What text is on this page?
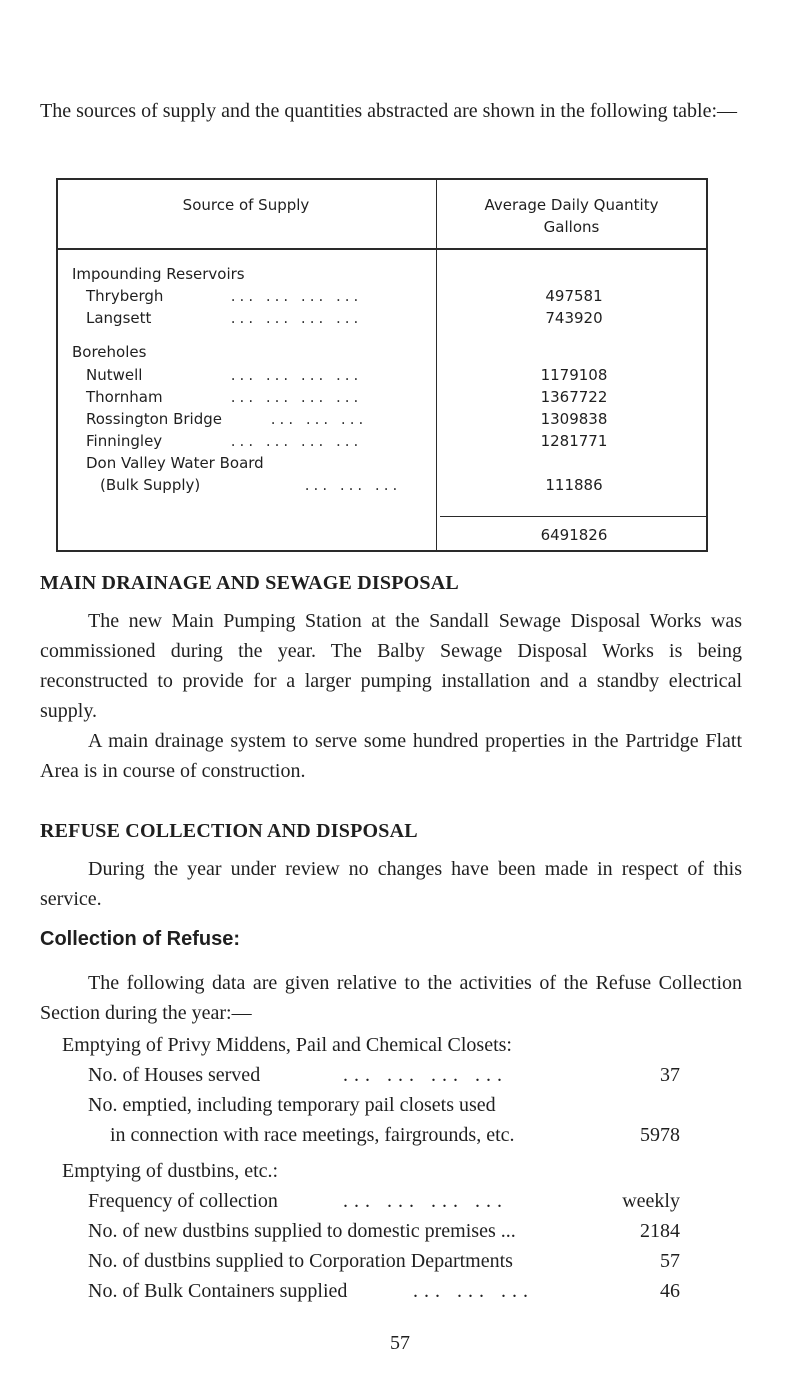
The sources of supply and the quantities abstracted are shown in the following table:—
Source of Supply	Average Daily Quantity
Gallons
Impounding Reservoirs
Thrybergh	... ... ... ...	497581
Langsett	... ... ... ...	743920
Boreholes
Nutwell	... ... ... ...	1179108
Thornham	... ... ... ...	1367722
Rossington Bridge	... ... ...	1309838
Finningley	... ... ... ...	1281771
Don Valley Water Board
(Bulk Supply)	... ... ...	111886
6491826
MAIN DRAINAGE AND SEWAGE DISPOSAL
The new Main Pumping Station at the Sandall Sewage Disposal Works was commissioned during the year. The Balby Sewage Disposal Works is being reconstructed to provide for a larger pumping installation and a standby electrical supply.
A main drainage system to serve some hundred properties in the Partridge Flatt Area is in course of construction.
REFUSE COLLECTION AND DISPOSAL
During the year under review no changes have been made in respect of this service.
Collection of Refuse:
The following data are given relative to the activities of the Refuse Collection Section during the year:—
Emptying of Privy Middens, Pail and Chemical Closets:
No. of Houses served	... ... ... ...	37
No. emptied, including temporary pail closets used
in connection with race meetings, fairgrounds, etc.	5978
Emptying of dustbins, etc.:
Frequency of collection	... ... ... ...	weekly
No. of new dustbins supplied to domestic premises ...	2184
No. of dustbins supplied to Corporation Departments	57
No. of Bulk Containers supplied	... ... ...	46
57
